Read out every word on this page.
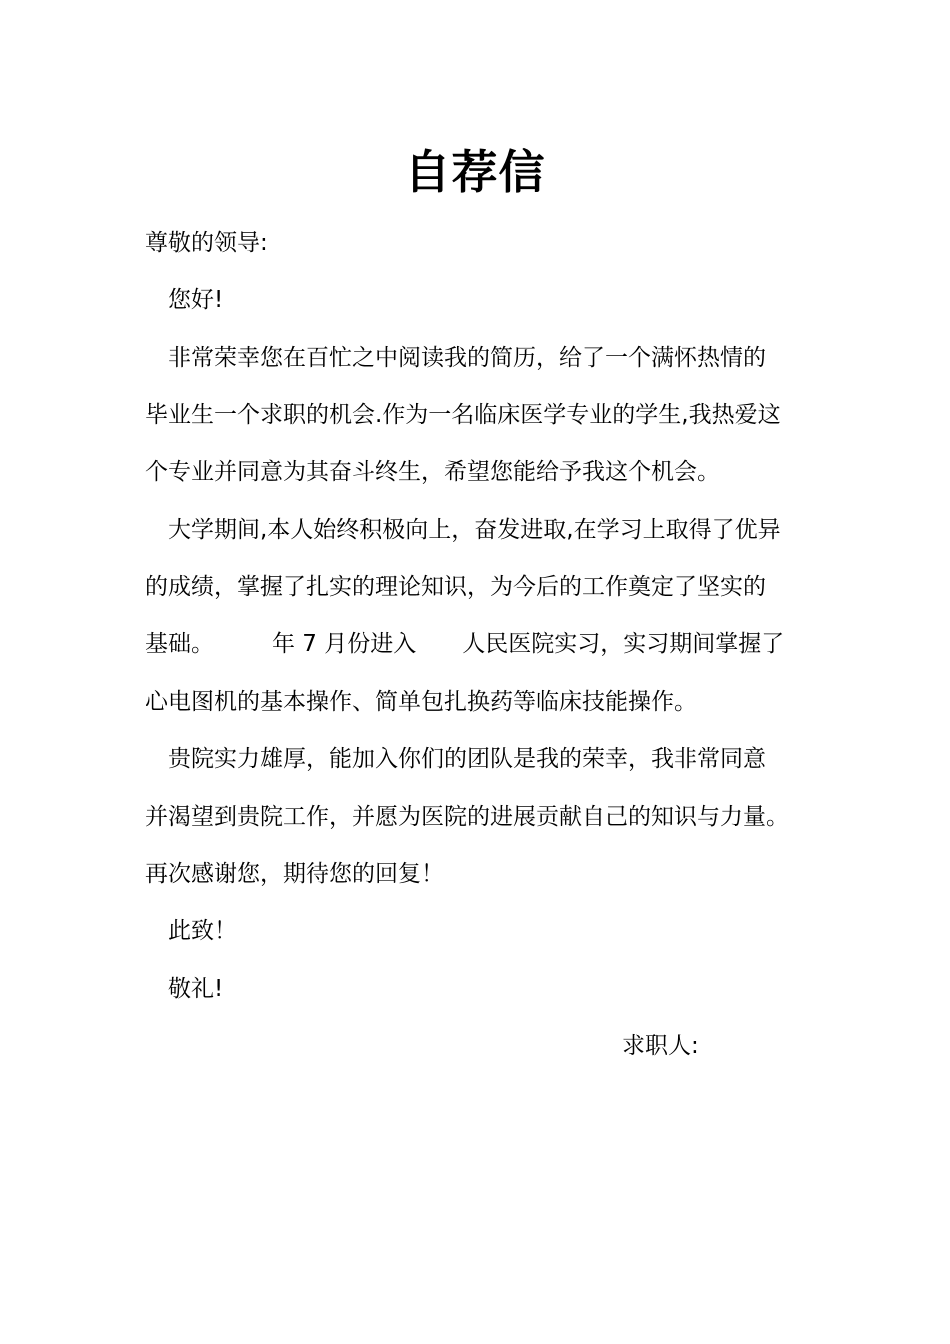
自荐信
尊敬的领导:
您好!
非常荣幸您在百忙之中阅读我的简历，给了一个满怀热情的
毕业生一个求职的机会.作为一名临床医学专业的学生,我热爱这
个专业并同意为其奋斗终生，希望您能给予我这个机会。
大学期间,本人始终积极向上，奋发进取,在学习上取得了优异
的成绩，掌握了扎实的理论知识，为今后的工作奠定了坚实的
基础。	年 7 月份进入 人民医院实习，实习期间掌握了
心电图机的基本操作、简单包扎换药等临床技能操作。
贵院实力雄厚，能加入你们的团队是我的荣幸，我非常同意
并渴望到贵院工作，并愿为医院的进展贡献自己的知识与力量。
再次感谢您，期待您的回复！
此致！
敬礼!
求职人:
